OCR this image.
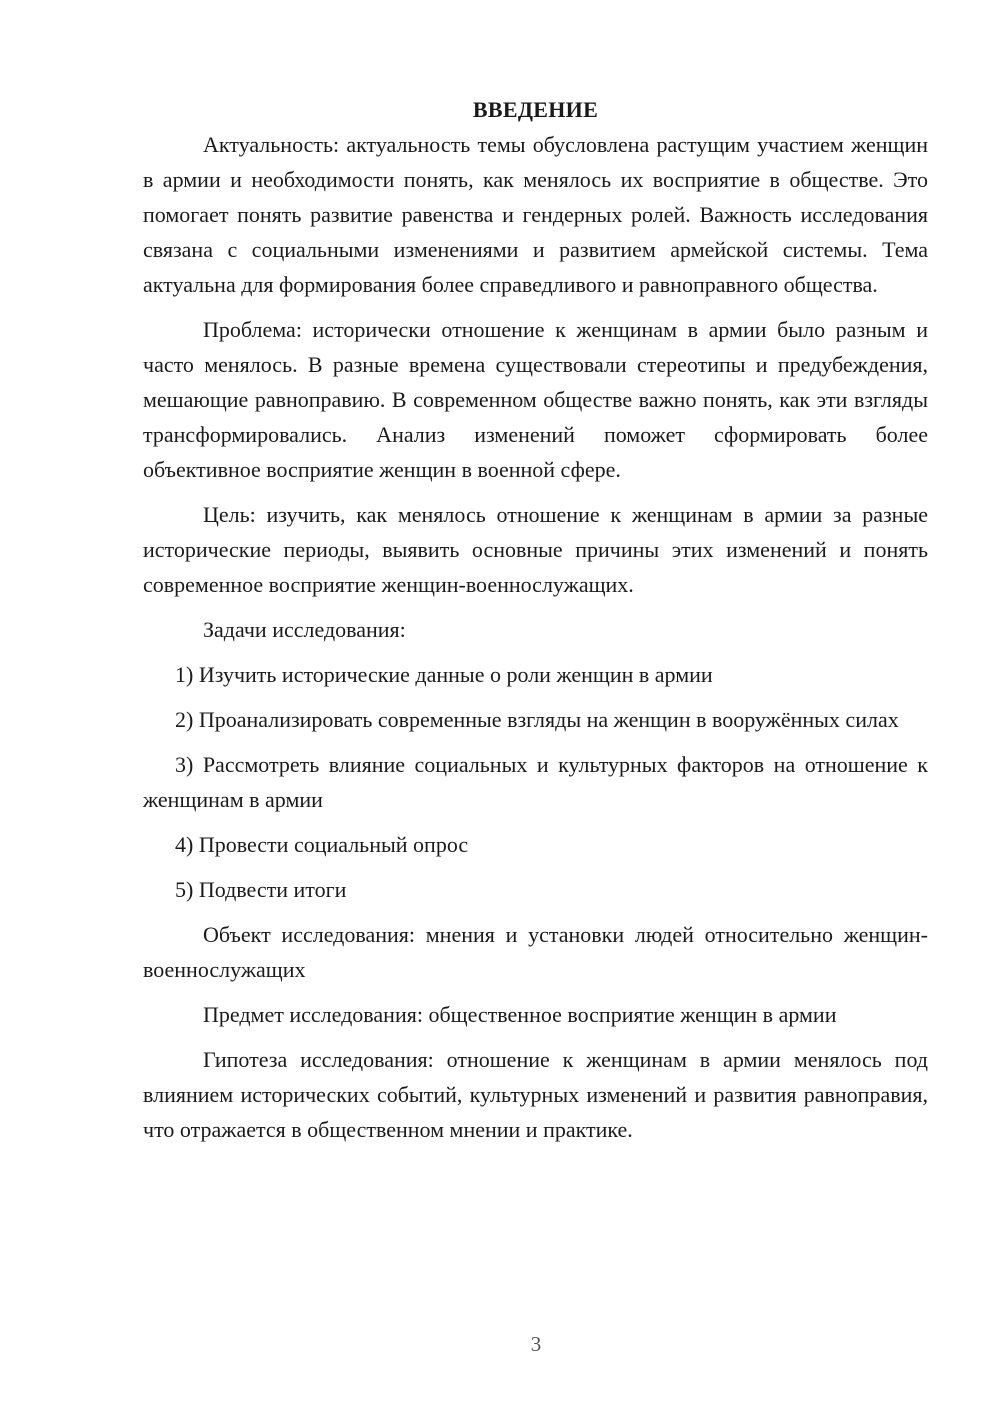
ВВЕДЕНИЕ

Актуальность: актуальность темы обусловлена растущим участием женщин в армии и необходимости понять, как менялось их восприятие в обществе. Это помогает понять развитие равенства и гендерных ролей. Важность исследования связана с социальными изменениями и развитием армейской системы. Тема актуальна для формирования более справедливого и равноправного общества.

Проблема: исторически отношение к женщинам в армии было разным и часто менялось. В разные времена существовали стереотипы и предубеждения, мешающие равноправию. В современном обществе важно понять, как эти взгляды трансформировались. Анализ изменений поможет сформировать более объективное восприятие женщин в военной сфере.

Цель: изучить, как менялось отношение к женщинам в армии за разные исторические периоды, выявить основные причины этих изменений и понять современное восприятие женщин-военнослужащих.

Задачи исследования:

1) Изучить исторические данные о роли женщин в армии

2) Проанализировать современные взгляды на женщин в вооружённых силах

3) Рассмотреть влияние социальных и культурных факторов на отношение к женщинам в армии

4) Провести социальный опрос

5) Подвести итоги

Объект исследования: мнения и установки людей относительно женщин-военнослужащих

Предмет исследования: общественное восприятие женщин в армии

Гипотеза исследования: отношение к женщинам в армии менялось под влиянием исторических событий, культурных изменений и развития равноправия, что отражается в общественном мнении и практике.

3
